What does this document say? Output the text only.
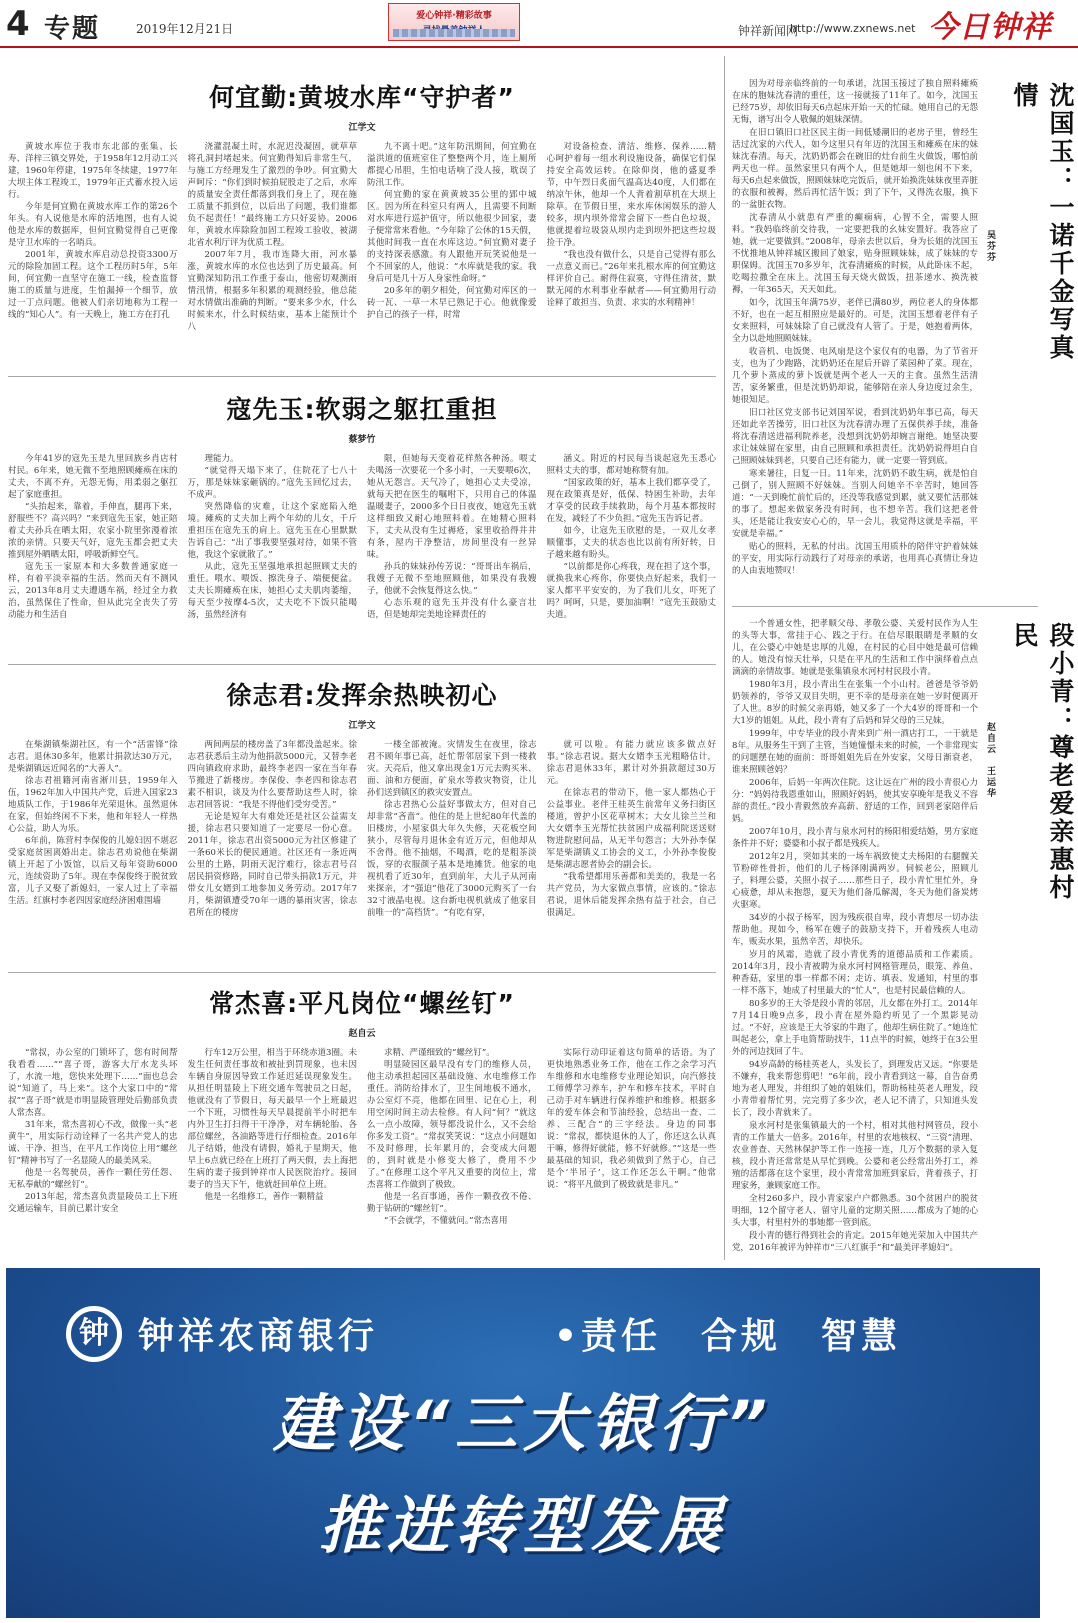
4 专题	2019年12月21日
爱心钟祥·精彩故事
钟祥新闻网
http://www.zxnews.net 今日钟祥
何宜勤:黄坡水库“守护者”
江学文

黄坡水库位于我市东北部的张集、长寿、洋梓三镇交界处，于1958年12月动工兴建，1960年停建，1975年冬续建，1977年大坝主体工程竣工，1979年正式蓄水投入运行。

今年是何宜勤在黄坡水库工作的第26个年头。有人说他是水库的活地图，也有人说他是水库的数据库，但何宜勤觉得自己更像是守卫水库的一名哨兵。

2001年，黄坡水库启动总投资3300万元的除险加固工程。这个工程历时5年，5年间，何宜勤一直坚守在施工一线，检查监督施工的质量与进度，生怕漏掉一个细节，放过一丁点问题。他被人们亲切地称为工程一线的“知心人”。有一天晚上，施工方在打孔

浇灌混凝土时，水泥迟没凝固，就草草将孔洞封堵起来。何宜勤得知后非常生气，与施工方经理发生了激烈的争吵。何宜勤大声呵斥：“你们到时候拍屁股走了之后，水库的质量安全责任都落到我们身上了，现在施工质量不抓到位，以后出了问题，我们谁都负不起责任！”最终施工方只好妥协。2006年，黄坡水库除险加固工程竣工验收，被湖北省水利厅评为优质工程。

2007年7月，我市连降大雨，河水暴涨，黄坡水库的水位也达到了历史最高。何宜勤深知防汛工作重于泰山，他密切观测雨情汛情，根据多年积累的观测经验，他总能对水情做出准确的判断。“要来多少水，什么时候来水，什么时候结束，基本上能预计个八

九不离十吧。”这年防汛期间，何宜勤在溢洪道的值班室住了整整两个月，连上厕所都提心吊胆，生怕电话响了没人接，耽误了防汛工作。

何宜勤的家在黄黄坡35公里的郢中城区。因为所在科室只有两人，且需要不间断对水库进行巡护值守，所以他很少回家，妻子便常常来看他。“今年除了公休的15天假，其他时间我一直在水库这边。”何宜勤对妻子的支持深表感激。有人跟他开玩笑说他是一个不回家的人，他说：“水库就是我的家。我身后可是几十万人身家性命呀。”

20多年的朝夕相处，何宜勤对库区的一砖一瓦、一草一木早已熟记于心。他就像爱护自己的孩子一样，时常

对设备检查、清洁、维修、保养……精心呵护着每一组水利设施设备，确保它们保持安全高效运转。在除仰岗，他的盛夏季节，中午烈日炙面气温高达40度，人们都在纳凉午休，他却一个人背着割草机在大坝上除草。在节假日里，来水库休闲娱乐的游人较多，坝内坝外常常会留下一些白色垃圾，他就提着垃圾袋从坝内走到坝外把这些垃圾捡干净。

“我也没有做什么，只是自己觉得有那么一点意义而已。”26年来扎根水库的何宜勤这样评价自己。耐得住寂寞，守得住清贫，默默无闻的水利事业奉献者——何宜勤用行动诠释了敢担当、负责、求实的水利精神！

寇先玉:软弱之躯扛重担
蔡梦竹

今年41岁的寇先玉是九里回族乡肖店村村民。6年来，她无微不至地照顾瘫痪在床的丈夫，不离不弃，无怨无悔，用柔弱之躯扛起了家庭重担。

“头抬起来，靠着，手伸直，腿再下来，舒服些不？高兴吗？”来到寇先玉家，她正陪着丈夫孙兵在晒太阳，农家小院里弥漫着浓浓的亲情。只要天气好，寇先玉都会把丈夫推到屋外晒晒太阳，呼吸新鲜空气。

寇先玉一家原本和大多数普通家庭一样，有着平淡幸福的生活。然而天有不测风云，2013年8月丈夫遭遇车祸，经过全力救治，虽然保住了性命，但从此完全丧失了劳动能力和生活自

理能力。

“就觉得天塌下来了，住院花了七八十万，那是妹妹家砸锅的。”寇先玉回忆过去，不成声。

突然降临的灾难，让这个家庭陷入绝境。瘫痪的丈夫加上两个年幼的儿女，千斤重担压在寇先玉的肩上。寇先玉在心里默默告诉自己：“出了事我要坚强对待，如果不管他，我这个家就散了。”

从此，寇先玉坚强地承担起照顾丈夫的重任。喂水、喂饭、擦洗身子、端便便盆。丈夫长期瘫痪在床，她担心丈夫肌肉萎缩，每天至少按摩4-5次，丈夫吃不下饭只能喝汤，虽然经济有

限，但她每天变着花样熬各种汤。喂丈夫喝汤一次要花一个多小时，一天要喂6次，她从无怨言。天气冷了，她担心丈夫受凉，就每天把在医生的嘱咐下，只用自己的体温温暖妻子，2000多个日日夜夜，她寇先玉就这样细致又耐心地照料着。在她精心照料下，丈夫从没有生过褥疮，家里收拾得井井有条，屋内干净整洁，房间里没有一丝异味。

孙兵的妹妹孙传芳说：“哥哥出车祸后，我嫂子无微不至地照顾他，如果没有我嫂子，他就不会恢复得这么快。”

心态乐观的寇先玉并没有什么豪言壮语，但是她却完美地诠释责任的

涵义。附近的村民每当谈起寇先玉悉心照料丈夫的事，都对她称赞有加。

“国家政策的好，基本上我们都享受了，现在政策真是好，低保、特困生补助，去年才享受的民政手续救助，每个月基本都按时在发，减轻了不少负担。”寇先玉告诉记者。

如今，让寇先玉欣慰的是，一双儿女孝顺懂事，丈夫的状态也比以前有所好转，日子越来越有盼头。

“以前都是你心疼我，现在担了这个事，就换我来心疼你，你要快点好起来，我们一家人都平平安安的，为了我们儿女，吓死了吗？呵呵，只是，要加油啊！”寇先玉鼓励丈夫道。

徐志君:发挥余热映初心
江学文

在柴湖镇柴湖社区，有一个“活雷锋”徐志君。退休30多年，他累计捐款达30万元，是柴湖镇远近闻名的“大善人”。

徐志君祖籍河南省淅川县，1959年入伍，1962年加入中国共产党，后进入国家23地质队工作，于1986年光荣退休。虽然退休在家，但始终闲不下来，他和年轻人一样热心公益，助人为乐。

6年前，陈营村李保俊的儿媳妇因不堪忍受家庭贫困离婚出走。徐志君劝说他在柴湖镇上开起了小饭馆，以后又每年资助6000元，连续资助了5年。现在李保俊终于脱贫致富，儿子又娶了新媳妇，一家人过上了幸福生活。红旗村李老四因家庭经济困难围墙

两间两层的楼房盖了3年都没盖起来。徐志君获悉后主动为他捐款5000元，又替李老四向镇政府求助，最终李老四一家在当年春节搬进了新楼房。李保俊、李老四和徐志君素不相识，谈及为什么要帮助这些人时，徐志君回答说：“我是不得他们受穷受苦。”

无论是短年大有难处还是社区公益需支援，徐志君只要知道了一定要尽一份心意。2011年，徐志君出资5000元为社区修建了一条60米长的便民通道。社区还有一条近两公里的土路，阴雨天泥泞难行，徐志君号召居民捐资修路，同时自己带头捐款1万元，并带女儿女婿到工地参加义务劳动。2017年7月，柴湖镇遭受70年一遇的暴雨灾害，徐志君所在的楼房

一楼全部被淹。灾情发生在夜里，徐志君不顾年事已高，赶忙帮邻居家下到一楼救灾。天亮后，他又拿出现金1万元去购买米、面、油和方便面，矿泉水等救灾物资，让儿孙们送到镇区的救灾安置点。

徐志君热心公益好事做太方，但对自己却非常“吝啬”。他住的是上世纪80年代盖的旧楼房，小屋家俱大年久失修，天花板空间狭小，尽管每月退休金有近万元，但他却从不舍得。他不抽烟，不喝酒，吃的是粗茶淡饭，穿的衣服颜子基本是地摊货。他家的电视机看了近30年，直到前年，大儿子从河南来探亲，才“强迫”他花了3000元购买了一台32寸液晶电视。这台新电视机就成了他家目前唯一的“高档货”。“有吃有穿，

就可以啦。有能力就应该多做点好事。”徐志君说。据大女婿李玉光粗略估计，徐志君退休33年，累计对外捐款超过30万元。

在徐志君的带动下，他一家人都热心于公益事业。老伴王桂英生前常年义务扫街区楼道，曾护小区花草树木；大女儿徐兰兰和大女婿李玉光帮忙扶贫困户成福利院送送财物进院慰问品，从无半句怨言；大外孙李保军是柴湖镇义工协会的义工，小外孙李俊俊是柴湖志愿者协会的副会长。

“我希望都用乐善都和美美的，我是一名共产党员，为大家做点事情，应该的。”徐志君说，退休后能发挥余热有益于社会，自己很满足。

常杰喜:平凡岗位“螺丝钉”
赵自云

“常叔，办公室的门锁坏了，您有时间帮我看看……”“喜子哥，游客大厅水龙头坏了，水流一地，您快来处理下……”面也总会说“知道了，马上来”。这个大家口中的“常叔”“喜子哥”就是市明显陵管理处后勤部负责人常杰喜。

31年来，常杰喜初心不改，做像一头“老黄牛”，用实际行动诠释了一名共产党人的忠诚、干净、担当，在平凡工作岗位上用“螺丝钉”精神书写了一名显陵人的最美风采。

他是一名驾驶员，善作一颗任劳任怨、无私奉献的“螺丝钉”。

2013年起，常杰喜负责显陵员工上下班交通运输车，目前已累计安全

行车12万公里，相当于环绕赤道3圈。未发生任何责任事故和被扯到罚现象，也未因车辆自身原因导致工作延迟延误现象发生。从担任明显陵上下班交通车驾驶员之日起，他就没有了节假日，每天最早一个上班最迟一个下班，习惯性每天早晨提前半小时把车内外卫生打扫得干干净净，对车辆轮胎、各部位螺丝，各油路等进行仔细检查。2016年儿子结婚，他没有请假，婚礼于星期天，他早上6点就已经在上班打了两天假，去上海把生病的妻子接到钟祥市人民医院治疗。接回妻子的当天下午，他就赶回单位上班。

他是一名维修工，善作一颗精益

求精、严谨细致的“螺丝钉”。

明显陵园区最早没有专门的维修人员，他主动承担起园区基础设施、水电维修工作重任。消防给排水了，卫生间地板不通水，办公室灯不亮，他都在回里、记在心上，利用空闲时间主动去检修。有人问“何？”就这么一点小故障，领导都没说什么，又不会给你多发工资”。“常叔笑笑说：“这点小问题如不及时修理，长年累月的，会变成大问题的，到时就是小修变大修了，费用不少了。”在修理工这个平凡又重要的岗位上，常杰喜将工作做到了极致。

他是一名百事通，善作一颗孜孜不倦、勤于钻研的“螺丝钉”。

“不会就学，不懂就问。”常杰喜用

实际行动印证着这句简单的话语。为了更快地熟悉业务工作，他在工作之余学习汽车维修和水电维修专业理论知识，向汽修技工师傅学习养车，护车和修车技术，平时自己动手对车辆进行保养维护和维修。根据多年的爱车体会和节油经验，总结出一查、二养、三配合”的三字经法。身边的同事说：“常叔，都快退休的人了，你还这么认真干嘛，修得好就能，修不好就修。”“这是一些最基础的知识，我必须做到了然于心，自己是个‘半吊子’，这工作还怎么干啊。”他常说：“将平凡做到了极致就是非凡。”

因为对母亲临终前的一句承诺，沈国玉接过了独自照料瘫痪在床的胞妹沈春清的重任，这一接就接了11年了。如今，沈国玉已经75岁，却依旧每天6点起床开始一天的忙碌。她用自己的无怨无悔，谱写出令人敬佩的姐妹深情。

在旧口镇旧口社区民主街一间低矮潮旧的老房子里，曾经生活过沈家的六代人，如今这里只有年迈的沈国玉和瘫痪在床的妹妹沈春清。每天，沈奶奶都会在碗旧的灶台前生火做饭，哪怕前两天也一样。虽然家里只有两个人，但是她却一刻也闲不下来，每天6点起来做饭，照顾妹妹吃完饭后，就开始换洗妹妹夜里弄脏的衣服和被褥，然后再忙活午饭；到了下午，又得洗衣服，换下的一盆脏衣物。

沈春清从小就患有严重的癫痫病，心智不全，需要人照料。“我妈临终前交待我，一定要把我的幺妹安置好。我答应了她，就一定要做到。”2008年，母亲去世以后，身为长姐的沈国玉不忧推地从钟祥城区搬回了娘家，贴身照顾妹妹，成了妹妹的专职保姆。沈国玉70多岁年，沈春清瘫痪的时候，从此卧床不起，吃喝拉撒全在床上。沈国玉每天烧火做饭，扭茶递水、换洗被褥，一年365天，天天如此。

如今，沈国玉年满75岁，老伴已满80岁，两位老人的身体都不好，也在一起互相照应是最好的。可是，沈国玉想着老伴有子女来照料，可妹妹除了自己就没有人管了。于是，她抱着两体，全力以赴地照顾妹妹。

收音机、电饭煲、电风扇是这个家仅有的电器，为了节省开支，也为了少跑路，沈奶奶还在屋后开辟了菜园种了菜。现在，几个萝卜蒸成的萝卜饭就是两个老人一天的主食。虽然生活清苦，家务繁重，但是沈奶奶却说，能够陪在亲人身边度过余生，她很知足。

旧口社区党支部书记刘国军说，看到沈奶奶年事已高，每天还如此辛苦操劳，旧口社区为沈春清办理了五保供养手续，准备将沈春清送进福利院养老，没想到沈奶奶却婉言谢绝。她坚决要求让妹妹留在家里，由自己照顾和承担责任。沈奶奶说得坦白自己照顾妹妹到老，只要自己还有能力，就一定要一管到底。

寒来暑往，日复一日。11年来，沈奶奶不敢生病，就是怕自己倒了，别人照顾不好妹妹。当别人问她辛不辛苦时，她回答道：“一天到晚忙前忙后的，还没等我感觉到累，就又要忙活那妹的事了。想起来做家务没有时间，也不想辛苦。我们这把老骨头，还是能让我安安心心的，早一会儿，我觉得这就是幸福，平安就是幸福。”

贴心的照料，无私的付出。沈国玉用质朴的陪伴守护着妹妹的平安，用实际行动践行了对母亲的承诺，也用真心真情让身边的人由衷地赞叹！

沈国玉：一诺千金写真情
吴芬芬

一个普通女性，把孝顺父母、孝敬公婆、关爱村民作为人生的头等大事，常挂于心、践之于行。在信尽眼眼睛是孝顺的女儿，在公婆心中她是忠厚的儿媳，在村民的心目中她是最可信赖的人。她没有惊天壮举，只是在平凡的生活和工作中演绎着点点滴滴的亲情故事。她就是张集镇泉水河村村民段小青。

1980年3月，段小青出生在张集一个小山村。爸爸是爷爷奶奶领养的，爷爷又双目失明，更不幸的是母亲在她一岁时便离开了人世。8岁的时候父亲再婚，她又多了一个大4岁的哥哥和一个大1岁的姐姐。从此，段小青有了后妈和异父母的三兄妹。

1999年，中专毕业的段小青来到广州一酒店打工，一干就是8年。从服务生干到了主管，当她憧憬未来的时候，一个非常现实的问题摆在她的面前：哥哥姐姐先后在外安家，父母日渐衰老，谁来照顾爸妈？

2006年，后妈一年两次住院。这让远在广州的段小青很心力分：“妈妈待我恩重如山，照顾好妈妈，使其安享晚年是我义不容辞的责任。”段小青毅然放弃高薪、舒适的工作，回到老家陪伴后妈。

2007年10月，段小青与泉水河村的杨阳相爱结婚，男方家庭条件并不好；婆婆和小叔子都是残疾人。

2012年2月，突如其来的一场车祸致使丈夫杨阳的右腿髋关节粉碎性骨折，他们的儿子杨泽刚满两岁。伺候老公，照顾儿子，料理公婆，关照小叔子……那些日子，段小青忙里忙外，身心疲惫，却从未抱怨，夏天为他们备瓜解渴，冬天为他们备炭烤火驱寒。

34岁的小叔子杨军，因为残疾很自卑，段小青想尽一切办法帮助他。现如今，杨军在嫂子的鼓励支持下，开着残疾人电动车，贩卖水果，虽然辛苦，却快乐。

岁月的风霜，造就了段小青优秀的道德品质和工作素质。2014年3月，段小青被聘为泉水河村网格管理员，眼笼、养鱼、种香菇，家里的事一样都不闲；走访、填表、发通知，村里的事一样不落下，她成了村里最大的“忙人”，也是村民最信赖的人。

80多岁的王大爷是段小青的邻居，儿女都在外打工。2014年7月14日晚9点多，段小青在屋外隐约听见了一个黑影晃动过。“不好，应该是王大爷家的牛跑了，他却生病住院了。”她连忙叫起老公，拿上手电筒帮助找牛，11点半的时候，她终于在3公里外的河边找回了牛。

94岁高龄的杨桂英老人，头发长了，到理发店又远。“你要是不嫌弃，我来帮您剪吧！”6年前，段小青看到这一幕，自告奋勇地为老人理发，并组织了她的姐妹们，帮助杨桂英老人理发，段小青带着帮忙男，完完剪了多少次，老人记不清了，只知道头发长了，段小青就来了。

泉水河村是张集镇最大的一个村，相对其他村网管员，段小青的工作量大一倍多。2016年，村里的农地核权、“三资”清理、农业普查、天然林保护等工作一连接一连，几万个数据的录入复核，段小青还常常是从早忙到晚。公婆和老公经常出外打工，养殖的活都落在这个家里，段小青常常加班到家后，背着孩子，打理家务，兼顾家庭工作。

全村260多户，段小青家家户户都熟悉。30个贫困户的脱贫明细，12个留守老人、留守儿童的定期关照……都成为了她的心头大事，村里村外的事她都一管到底。

段小青的德行得到社会的肯定。2015年她光荣加入中国共产党，2016年被评为钟祥市“三八红旗手”和“最美评孝媳妇”。

段小青：尊老爱亲惠村民
赵自云　王运华
钟 钟祥农商银行	•责任　合规　智慧
建设“三大银行”
推进转型发展
